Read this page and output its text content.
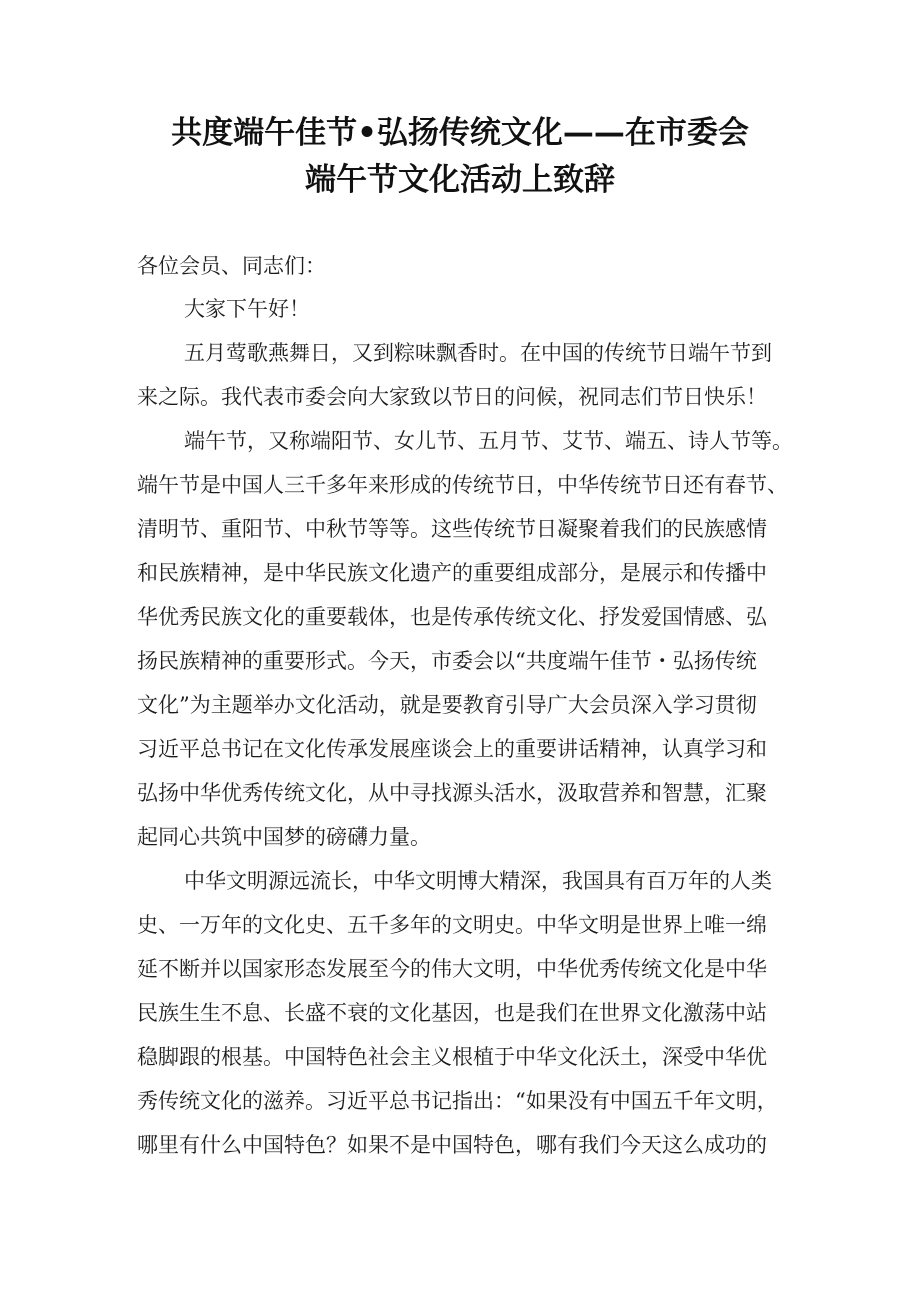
共度端午佳节•弘扬传统文化——在市委会
端午节文化活动上致辞
各位会员、同志们：
大家下午好！
五月莺歌燕舞日，又到粽味飘香时。在中国的传统节日端午节到
来之际。我代表市委会向大家致以节日的问候，祝同志们节日快乐！
端午节，又称端阳节、女儿节、五月节、艾节、端五、诗人节等。
端午节是中国人三千多年来形成的传统节日，中华传统节日还有春节、
清明节、重阳节、中秋节等等。这些传统节日凝聚着我们的民族感情
和民族精神，是中华民族文化遗产的重要组成部分，是展示和传播中
华优秀民族文化的重要载体，也是传承传统文化、抒发爱国情感、弘
扬民族精神的重要形式。今天，市委会以“共度端午佳节・弘扬传统
文化”为主题举办文化活动，就是要教育引导广大会员深入学习贯彻
习近平总书记在文化传承发展座谈会上的重要讲话精神，认真学习和
弘扬中华优秀传统文化，从中寻找源头活水，汲取营养和智慧，汇聚
起同心共筑中国梦的磅礴力量。
中华文明源远流长，中华文明博大精深，我国具有百万年的人类
史、一万年的文化史、五千多年的文明史。中华文明是世界上唯一绵
延不断并以国家形态发展至今的伟大文明，中华优秀传统文化是中华
民族生生不息、长盛不衰的文化基因，也是我们在世界文化激荡中站
稳脚跟的根基。中国特色社会主义根植于中华文化沃土，深受中华优
秀传统文化的滋养。习近平总书记指出：“如果没有中国五千年文明，
哪里有什么中国特色？如果不是中国特色，哪有我们今天这么成功的
